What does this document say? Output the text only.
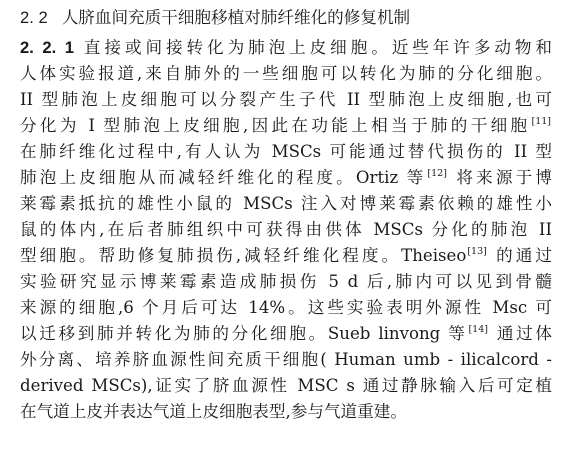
2. 2 人脐血间充质干细胞移植对肺纤维化的修复机制
2. 2. 1 直接或间接转化为肺泡上皮细胞。近些年许多动物和
人体实验报道,来自肺外的一些细胞可以转化为肺的分化细胞。
II 型肺泡上皮细胞可以分裂产生子代 II 型肺泡上皮细胞,也可
分化为 I 型肺泡上皮细胞,因此在功能上相当于肺的干细胞[11]
在肺纤维化过程中,有人认为 MSCs 可能通过替代损伤的 II 型
肺泡上皮细胞从而减轻纤维化的程度。Ortiz 等[12] 将来源于博
莱霉素抵抗的雄性小鼠的 MSCs 注入对博莱霉素依赖的雄性小
鼠的体内,在后者肺组织中可获得由供体 MSCs 分化的肺泡 II
型细胞。帮助修复肺损伤,减轻纤维化程度。Theiseo[13] 的通过
实验研究显示博莱霉素造成肺损伤 5 d 后,肺内可以见到骨髓
来源的细胞,6 个月后可达 14%。这些实验表明外源性 Msc 可
以迁移到肺并转化为肺的分化细胞。Sueb linvong 等[14] 通过体
外分离、培养脐血源性间充质干细胞( Human umb - ilicalcord -
derived MSCs),证实了脐血源性 MSC s 通过静脉输入后可定植
在气道上皮并表达气道上皮细胞表型,参与气道重建。
